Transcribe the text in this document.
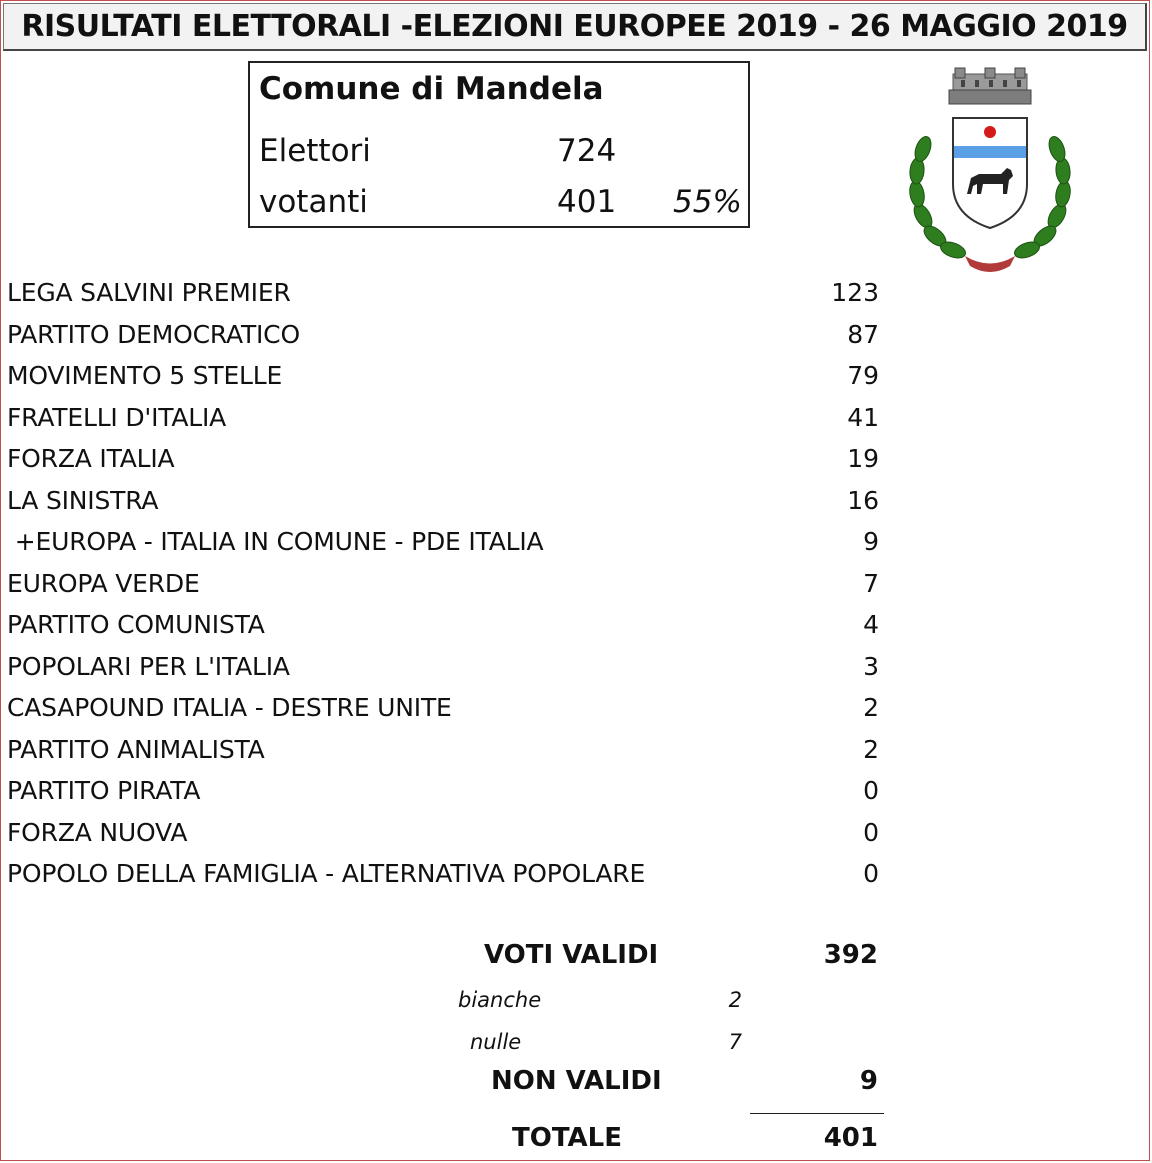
RISULTATI ELETTORALI -ELEZIONI EUROPEE 2019 - 26 MAGGIO 2019
Comune di Mandela
Elettori	724
votanti	401 55%
LEGA SALVINI PREMIER	123
PARTITO DEMOCRATICO	87
MOVIMENTO 5 STELLE	79
FRATELLI D'ITALIA	41
FORZA ITALIA	19
LA SINISTRA	16
+EUROPA - ITALIA IN COMUNE - PDE ITALIA	9
EUROPA VERDE	7
PARTITO COMUNISTA	4
POPOLARI PER L'ITALIA	3
CASAPOUND ITALIA - DESTRE UNITE	2
PARTITO ANIMALISTA	2
PARTITO PIRATA	0
FORZA NUOVA	0
POPOLO DELLA FAMIGLIA - ALTERNATIVA POPOLARE	0
VOTI VALIDI	392
bianche	2
nulle	7
NON VALIDI	9
TOTALE	401
